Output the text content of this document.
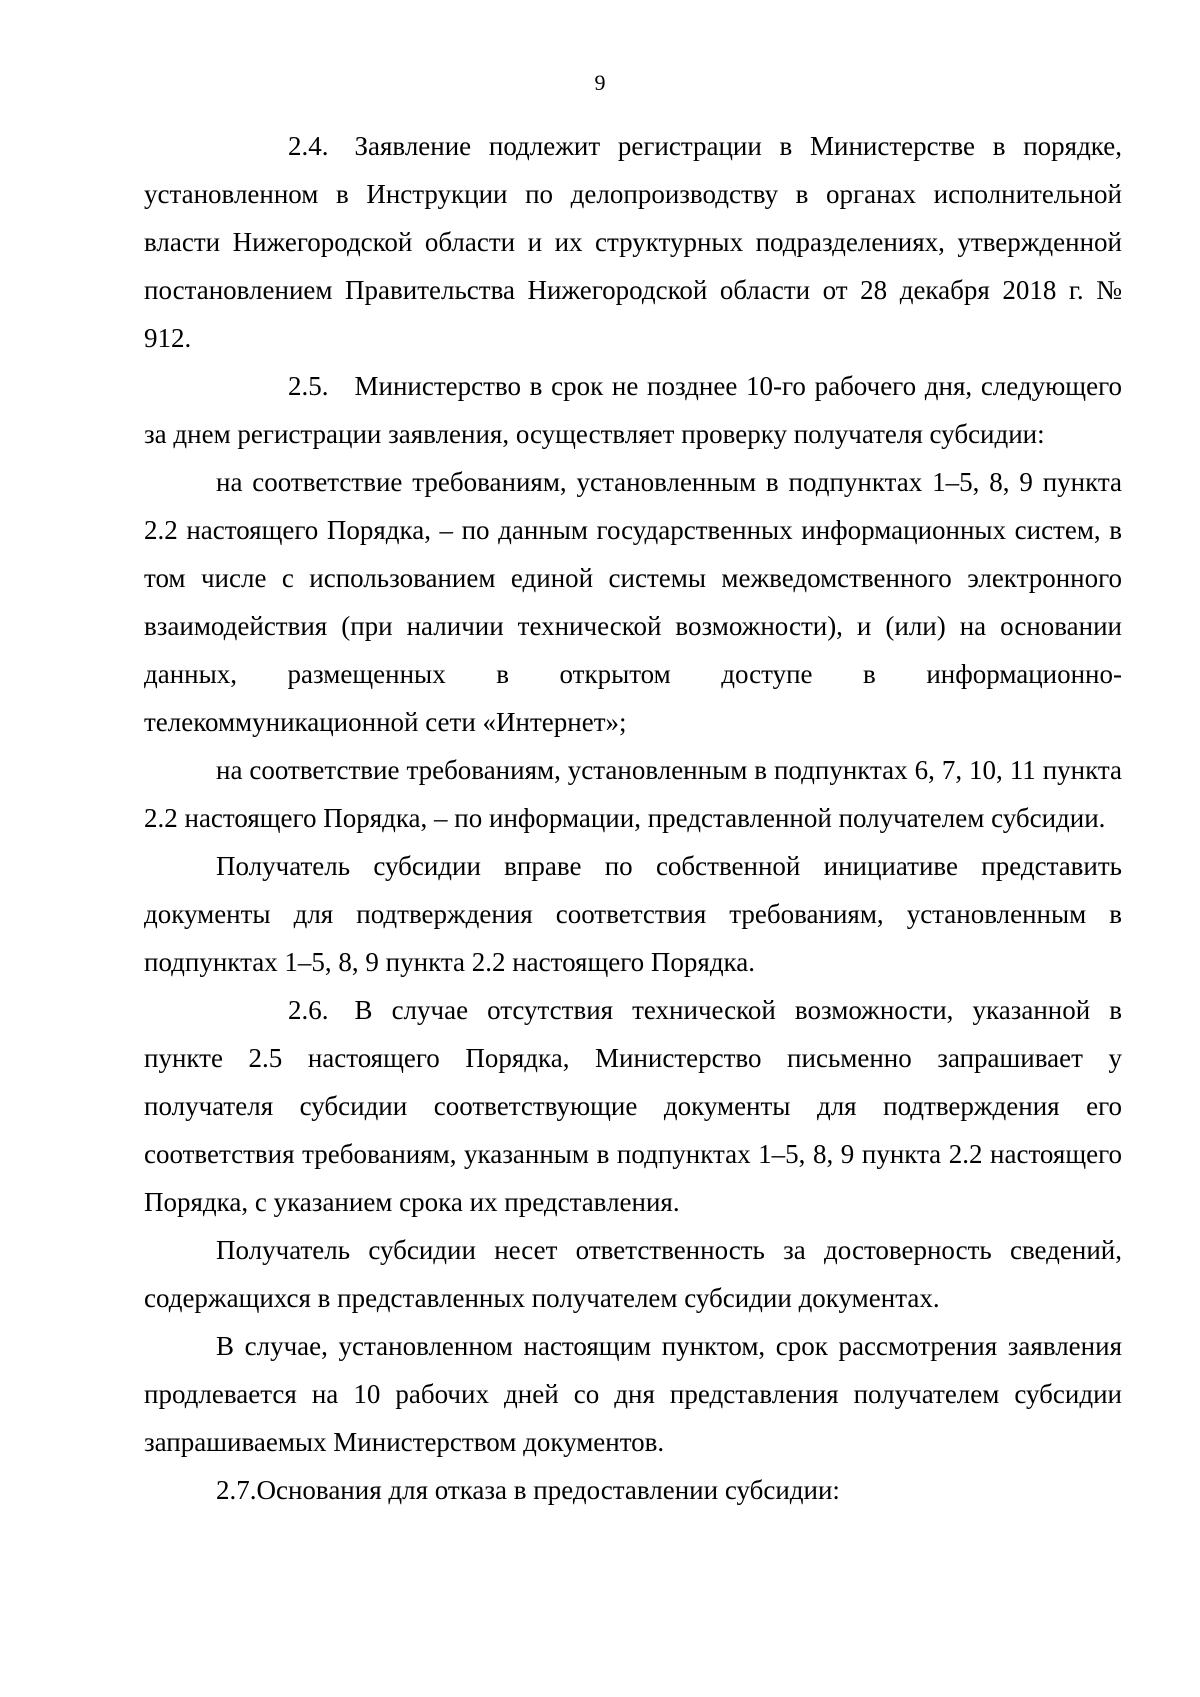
9

2.4. Заявление подлежит регистрации в Министерстве в порядке, установленном в Инструкции по делопроизводству в органах исполнительной власти Нижегородской области и их структурных подразделениях, утвержденной постановлением Правительства Нижегородской области от 28 декабря 2018 г. № 912.

2.5. Министерство в срок не позднее 10-го рабочего дня, следующего за днем регистрации заявления, осуществляет проверку получателя субсидии:

на соответствие требованиям, установленным в подпунктах 1–5, 8, 9 пункта 2.2 настоящего Порядка, – по данным государственных информационных систем, в том числе с использованием единой системы межведомственного электронного взаимодействия (при наличии технической возможности), и (или) на основании данных, размещенных в открытом доступе в информационно-телекоммуникационной сети «Интернет»;

на соответствие требованиям, установленным в подпунктах 6, 7, 10, 11 пункта 2.2 настоящего Порядка, – по информации, представленной получателем субсидии.

Получатель субсидии вправе по собственной инициативе представить документы для подтверждения соответствия требованиям, установленным в подпунктах 1–5, 8, 9 пункта 2.2 настоящего Порядка.

2.6. В случае отсутствия технической возможности, указанной в пункте 2.5 настоящего Порядка, Министерство письменно запрашивает у получателя субсидии соответствующие документы для подтверждения его соответствия требованиям, указанным в подпунктах 1–5, 8, 9 пункта 2.2 настоящего Порядка, с указанием срока их представления.

Получатель субсидии несет ответственность за достоверность сведений, содержащихся в представленных получателем субсидии документах.

В случае, установленном настоящим пунктом, срок рассмотрения заявления продлевается на 10 рабочих дней со дня представления получателем субсидии запрашиваемых Министерством документов.

2.7.Основания для отказа в предоставлении субсидии:
